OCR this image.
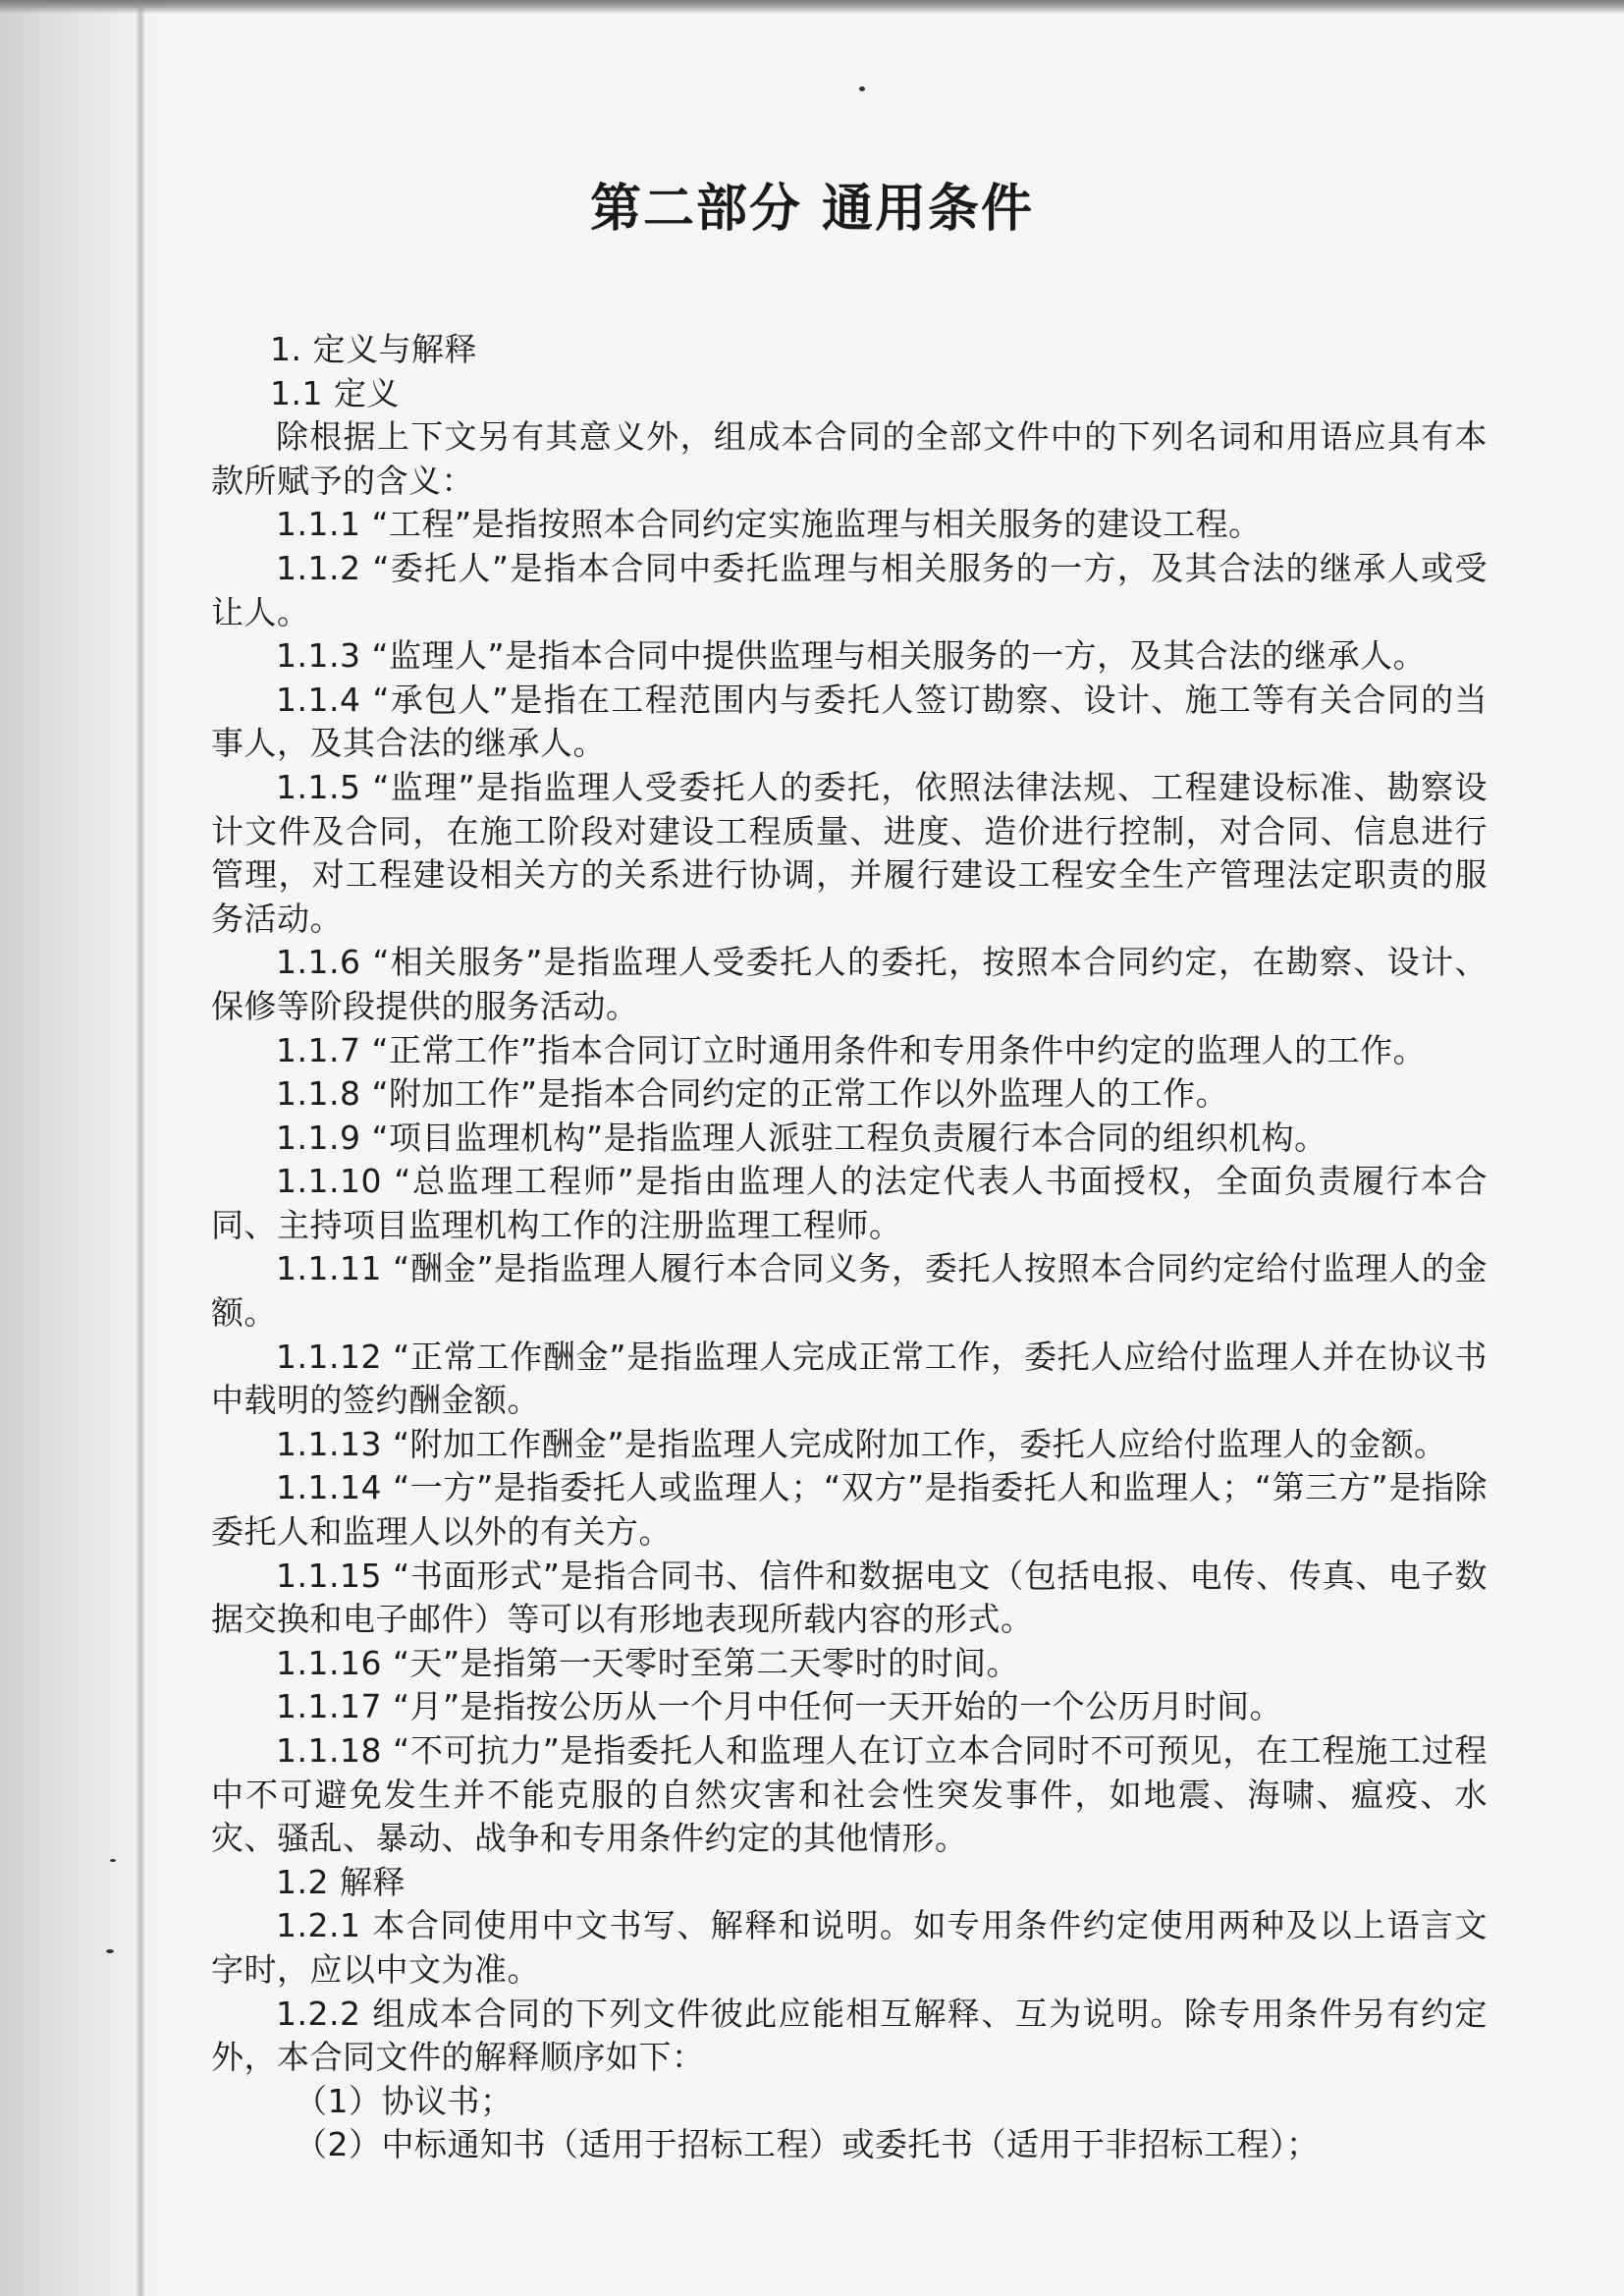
第二部分 通用条件

1. 定义与解释

1.1 定义

除根据上下文另有其意义外，组成本合同的全部文件中的下列名词和用语应具有本款所赋予的含义：

1.1.1 “工程”是指按照本合同约定实施监理与相关服务的建设工程。

1.1.2 “委托人”是指本合同中委托监理与相关服务的一方，及其合法的继承人或受让人。

1.1.3 “监理人”是指本合同中提供监理与相关服务的一方，及其合法的继承人。

1.1.4 “承包人”是指在工程范围内与委托人签订勘察、设计、施工等有关合同的当事人，及其合法的继承人。

1.1.5 “监理”是指监理人受委托人的委托，依照法律法规、工程建设标准、勘察设计文件及合同，在施工阶段对建设工程质量、进度、造价进行控制，对合同、信息进行管理，对工程建设相关方的关系进行协调，并履行建设工程安全生产管理法定职责的服务活动。

1.1.6 “相关服务”是指监理人受委托人的委托，按照本合同约定，在勘察、设计、保修等阶段提供的服务活动。

1.1.7 “正常工作”指本合同订立时通用条件和专用条件中约定的监理人的工作。

1.1.8 “附加工作”是指本合同约定的正常工作以外监理人的工作。

1.1.9 “项目监理机构”是指监理人派驻工程负责履行本合同的组织机构。

1.1.10 “总监理工程师”是指由监理人的法定代表人书面授权，全面负责履行本合同、主持项目监理机构工作的注册监理工程师。

1.1.11 “酬金”是指监理人履行本合同义务，委托人按照本合同约定给付监理人的金额。

1.1.12 “正常工作酬金”是指监理人完成正常工作，委托人应给付监理人并在协议书中载明的签约酬金额。

1.1.13 “附加工作酬金”是指监理人完成附加工作，委托人应给付监理人的金额。

1.1.14 “一方”是指委托人或监理人；“双方”是指委托人和监理人；“第三方”是指除委托人和监理人以外的有关方。

1.1.15 “书面形式”是指合同书、信件和数据电文（包括电报、电传、传真、电子数据交换和电子邮件）等可以有形地表现所载内容的形式。

1.1.16 “天”是指第一天零时至第二天零时的时间。

1.1.17 “月”是指按公历从一个月中任何一天开始的一个公历月时间。

1.1.18 “不可抗力”是指委托人和监理人在订立本合同时不可预见，在工程施工过程中不可避免发生并不能克服的自然灾害和社会性突发事件，如地震、海啸、瘟疫、水灾、骚乱、暴动、战争和专用条件约定的其他情形。

1.2 解释

1.2.1 本合同使用中文书写、解释和说明。如专用条件约定使用两种及以上语言文字时，应以中文为准。

1.2.2 组成本合同的下列文件彼此应能相互解释、互为说明。除专用条件另有约定外，本合同文件的解释顺序如下：

（1）协议书；

（2）中标通知书（适用于招标工程）或委托书（适用于非招标工程）；
